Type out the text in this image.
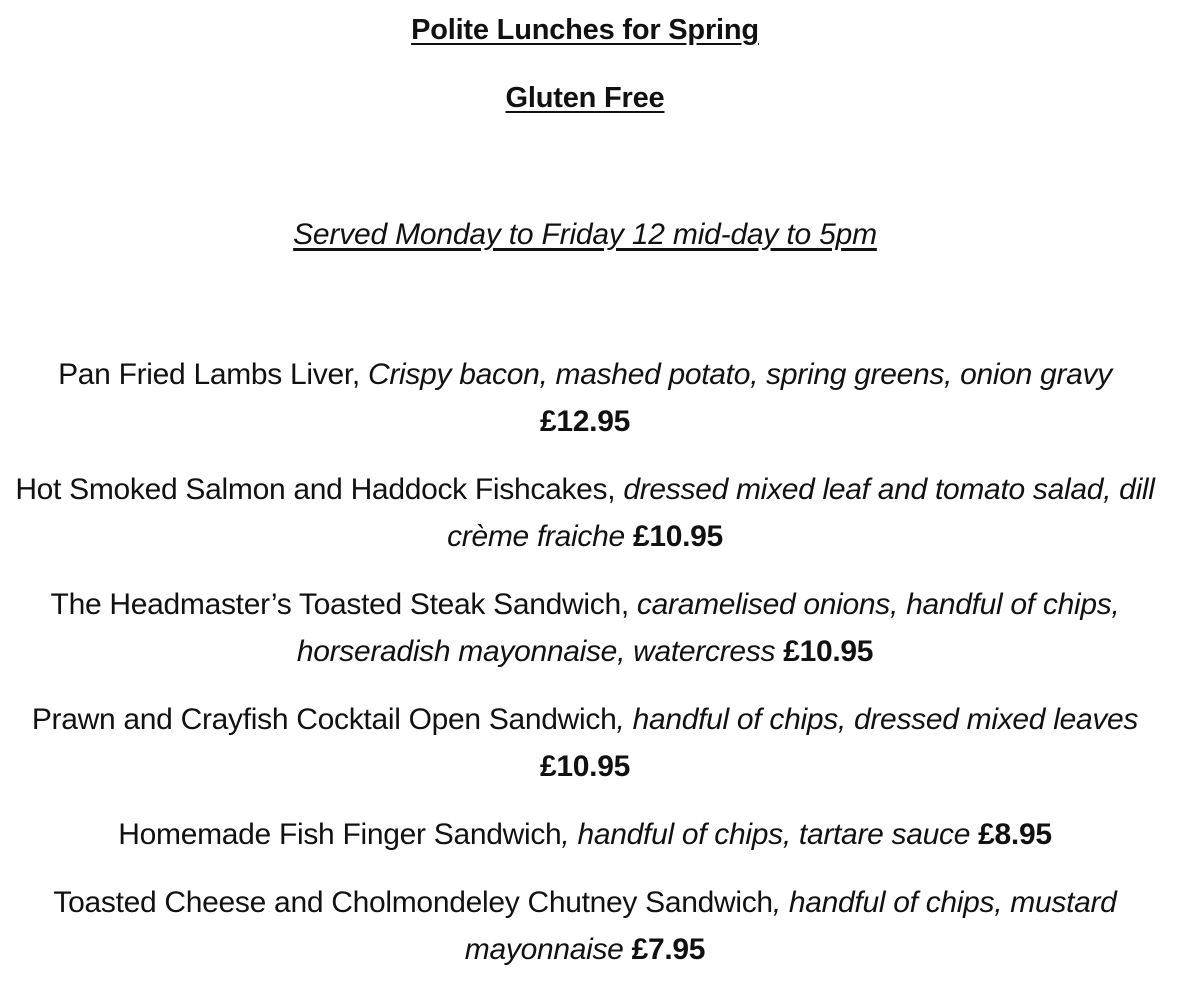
Polite Lunches for Spring
Gluten Free
Served Monday to Friday 12 mid-day to 5pm
Pan Fried Lambs Liver, Crispy bacon, mashed potato, spring greens, onion gravy £12.95
Hot Smoked Salmon and Haddock Fishcakes, dressed mixed leaf and tomato salad, dill crème fraiche £10.95
The Headmaster’s Toasted Steak Sandwich, caramelised onions, handful of chips, horseradish mayonnaise, watercress £10.95
Prawn and Crayfish Cocktail Open Sandwich, handful of chips, dressed mixed leaves £10.95
Homemade Fish Finger Sandwich, handful of chips, tartare sauce £8.95
Toasted Cheese and Cholmondeley Chutney Sandwich, handful of chips, mustard mayonnaise £7.95
